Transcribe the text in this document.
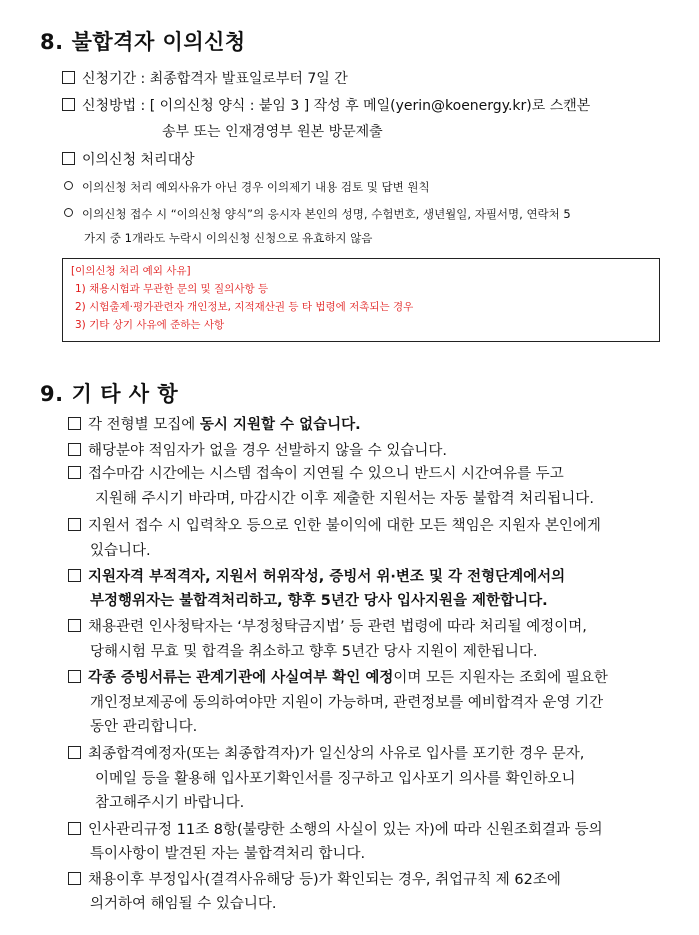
8. 불합격자 이의신청
신청기간 : 최종합격자 발표일로부터 7일 간
신청방법 : [ 이의신청 양식 : 붙임 3 ] 작성 후 메일(yerin@koenergy.kr)로 스캔본
송부 또는 인재경영부 원본 방문제출
이의신청 처리대상
이의신청 처리 예외사유가 아닌 경우 이의제기 내용 검토 및 답변 원칙
이의신청 접수 시 “이의신청 양식”의 응시자 본인의 성명, 수험번호, 생년월일, 자필서명, 연락처 5
가지 중 1개라도 누락시 이의신청 신청으로 유효하지 않음
[이의신청 처리 예외 사유]
1) 채용시험과 무관한 문의 및 질의사항 등
2) 시험출제·평가관련자 개인정보, 지적재산권 등 타 법령에 저촉되는 경우
3) 기타 상기 사유에 준하는 사항
9. 기 타 사 항
각 전형별 모집에 동시 지원할 수 없습니다.
해당분야 적임자가 없을 경우 선발하지 않을 수 있습니다.
접수마감 시간에는 시스템 접속이 지연될 수 있으니 반드시 시간여유를 두고
지원해 주시기 바라며, 마감시간 이후 제출한 지원서는 자동 불합격 처리됩니다.
지원서 접수 시 입력착오 등으로 인한 불이익에 대한 모든 책임은 지원자 본인에게
있습니다.
지원자격 부적격자, 지원서 허위작성, 증빙서 위·변조 및 각 전형단계에서의
부정행위자는 불합격처리하고, 향후 5년간 당사 입사지원을 제한합니다.
채용관련 인사청탁자는 ‘부정청탁금지법’ 등 관련 법령에 따라 처리될 예정이며,
당해시험 무효 및 합격을 취소하고 향후 5년간 당사 지원이 제한됩니다.
각종 증빙서류는 관계기관에 사실여부 확인 예정이며 모든 지원자는 조회에 필요한
개인정보제공에 동의하여야만 지원이 가능하며, 관련정보를 예비합격자 운영 기간
동안 관리합니다.
최종합격예정자(또는 최종합격자)가 일신상의 사유로 입사를 포기한 경우 문자,
이메일 등을 활용해 입사포기확인서를 징구하고 입사포기 의사를 확인하오니
참고해주시기 바랍니다.
인사관리규정 11조 8항(불량한 소행의 사실이 있는 자)에 따라 신원조회결과 등의
특이사항이 발견된 자는 불합격처리 합니다.
채용이후 부정입사(결격사유해당 등)가 확인되는 경우, 취업규칙 제 62조에
의거하여 해임될 수 있습니다.
